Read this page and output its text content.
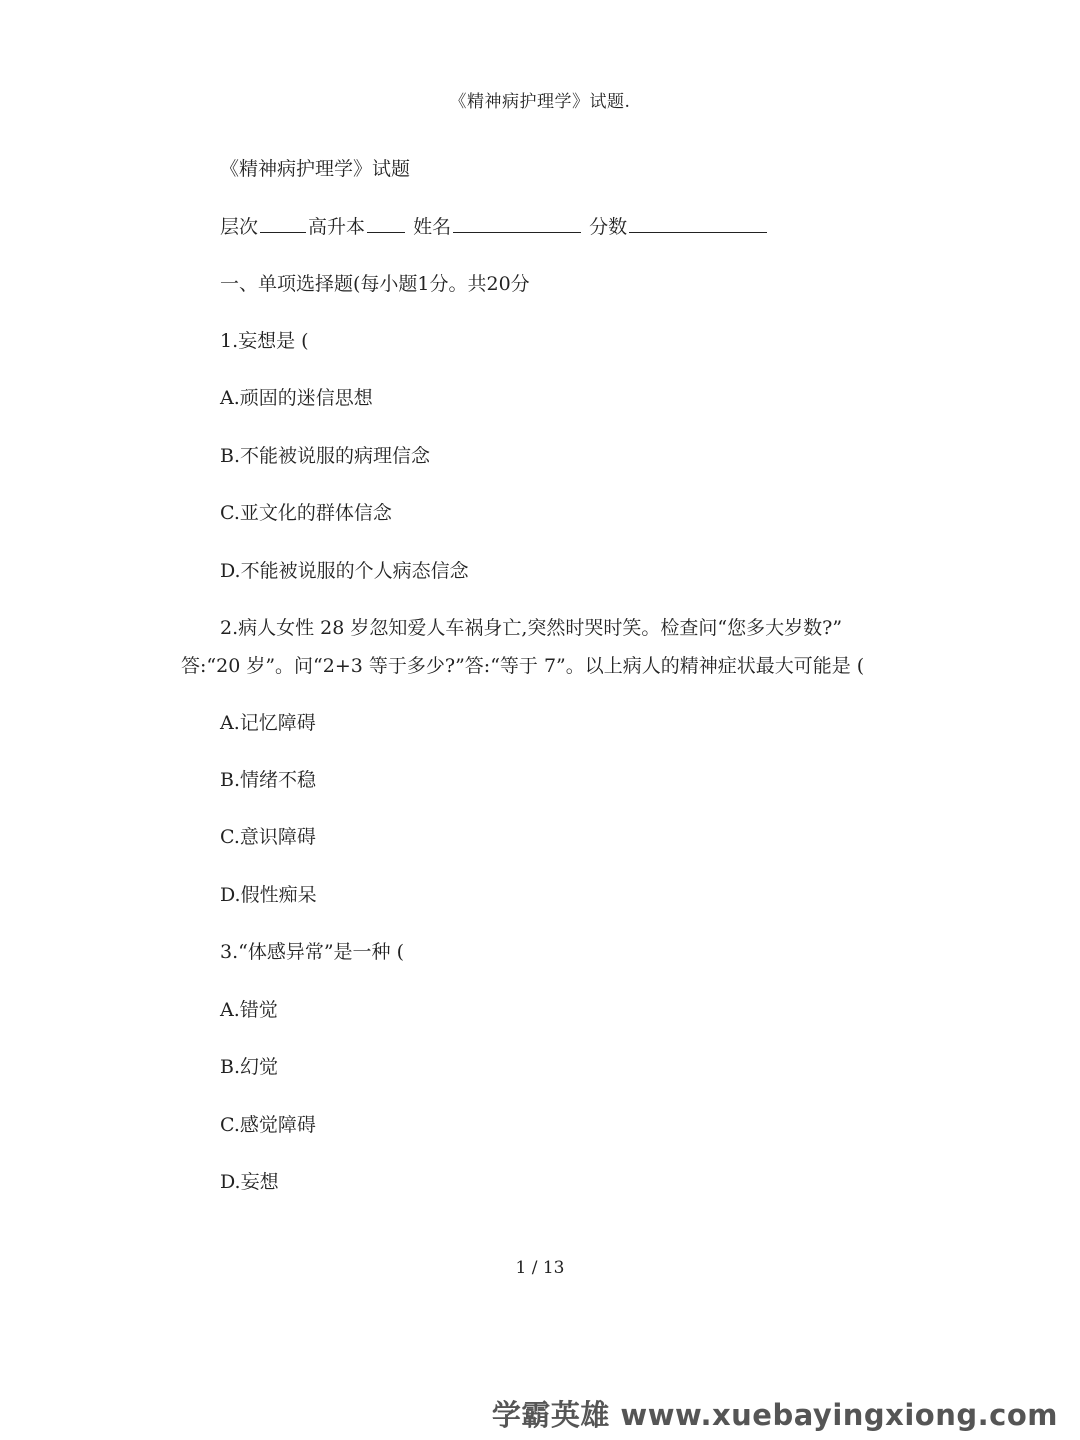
《精神病护理学》试题.
《精神病护理学》试题
层次	高升本	姓名	分数
一、单项选择题(每小题1分。共20分
1.妄想是 (
A.顽固的迷信思想
B.不能被说服的病理信念
C.亚文化的群体信念
D.不能被说服的个人病态信念
2.病人女性 28 岁忽知爱人车祸身亡,突然时哭时笑。检查问“您多大岁数?”
答:“20 岁”。问“2+3 等于多少?”答:“等于 7”。以上病人的精神症状最大可能是 (
A.记忆障碍
B.情绪不稳
C.意识障碍
D.假性痴呆
3.“体感异常”是一种 (
A.错觉
B.幻觉
C.感觉障碍
D.妄想
1 / 13
学霸英雄 www.xuebayingxiong.com
